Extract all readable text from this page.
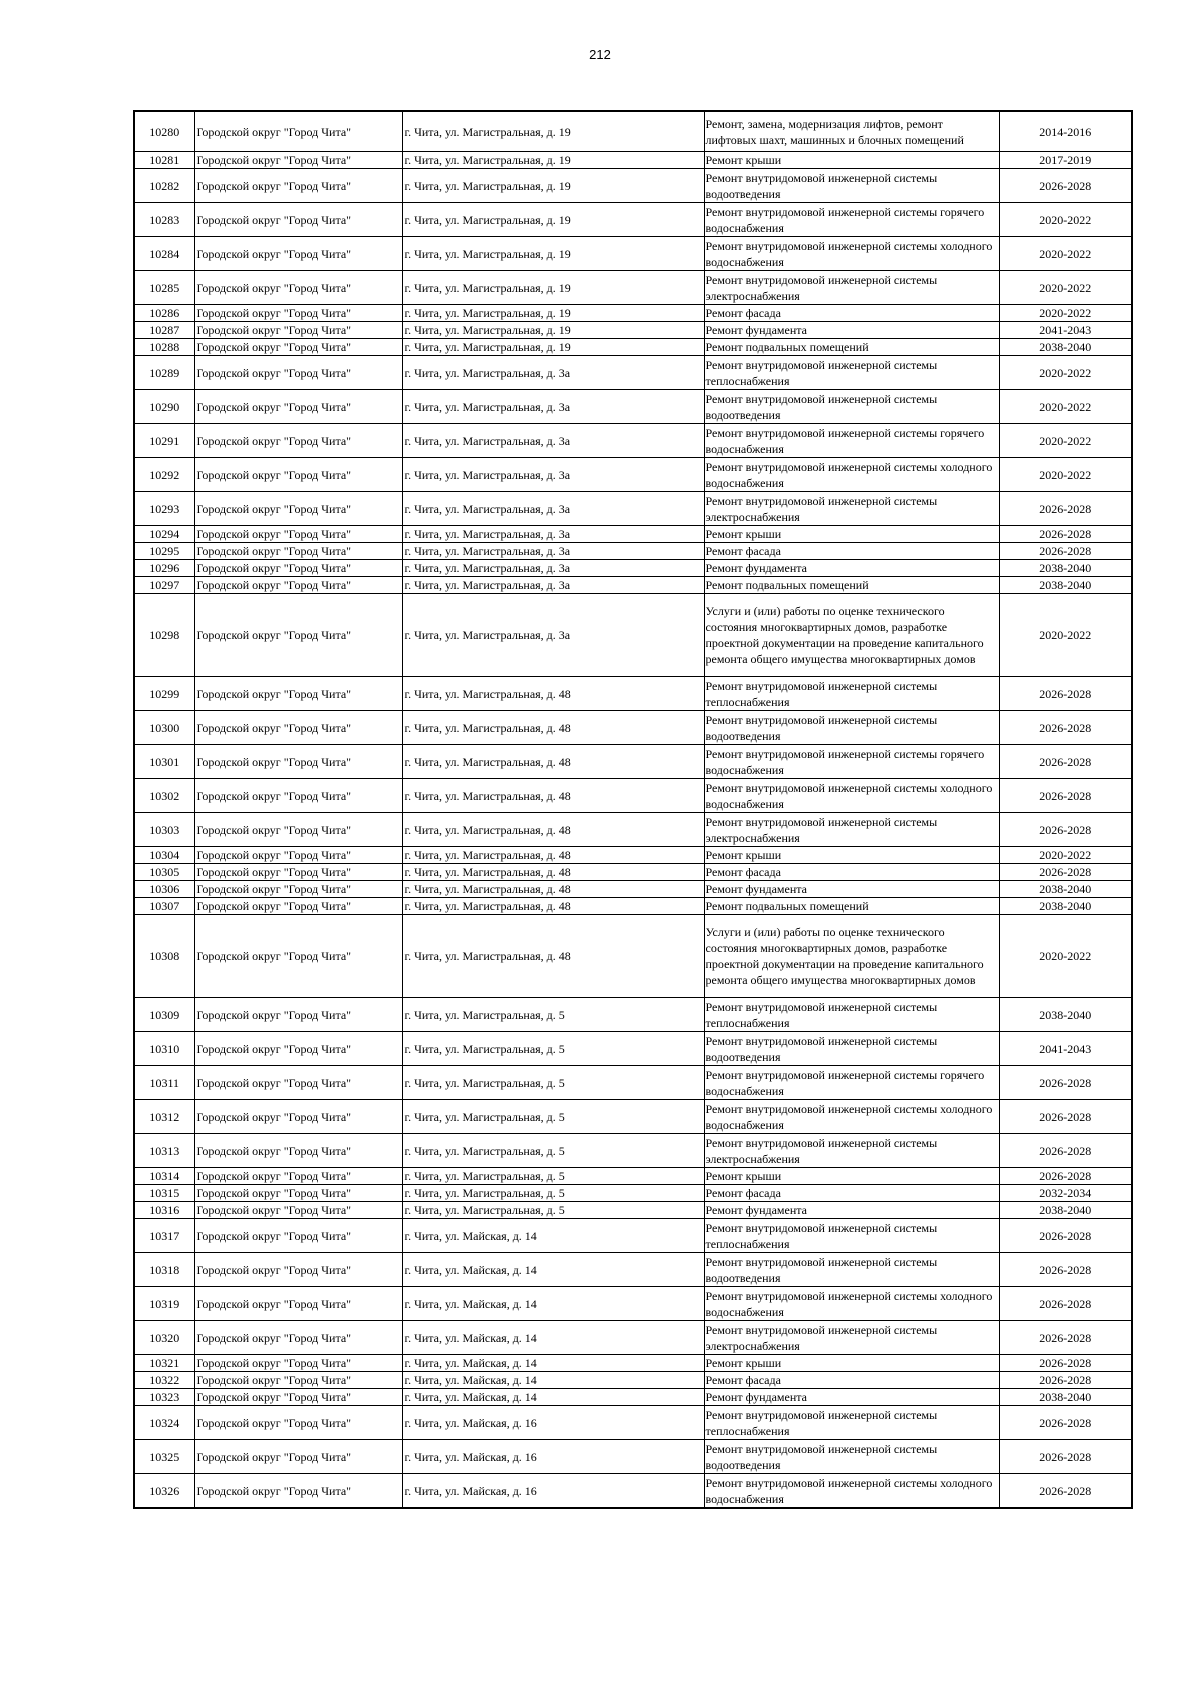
212
10280	Городской округ "Город Чита"	г. Чита, ул. Магистральная, д. 19	Ремонт, замена, модернизация лифтов, ремонт лифтовых шахт, машинных и блочных помещений	2014-2016
10281	Городской округ "Город Чита"	г. Чита, ул. Магистральная, д. 19	Ремонт крыши	2017-2019
10282	Городской округ "Город Чита"	г. Чита, ул. Магистральная, д. 19	Ремонт внутридомовой инженерной системы водоотведения	2026-2028
10283	Городской округ "Город Чита"	г. Чита, ул. Магистральная, д. 19	Ремонт внутридомовой инженерной системы горячего водоснабжения	2020-2022
10284	Городской округ "Город Чита"	г. Чита, ул. Магистральная, д. 19	Ремонт внутридомовой инженерной системы холодного водоснабжения	2020-2022
10285	Городской округ "Город Чита"	г. Чита, ул. Магистральная, д. 19	Ремонт внутридомовой инженерной системы электроснабжения	2020-2022
10286	Городской округ "Город Чита"	г. Чита, ул. Магистральная, д. 19	Ремонт фасада	2020-2022
10287	Городской округ "Город Чита"	г. Чита, ул. Магистральная, д. 19	Ремонт фундамента	2041-2043
10288	Городской округ "Город Чита"	г. Чита, ул. Магистральная, д. 19	Ремонт подвальных помещений	2038-2040
10289	Городской округ "Город Чита"	г. Чита, ул. Магистральная, д. 3а	Ремонт внутридомовой инженерной системы теплоснабжения	2020-2022
10290	Городской округ "Город Чита"	г. Чита, ул. Магистральная, д. 3а	Ремонт внутридомовой инженерной системы водоотведения	2020-2022
10291	Городской округ "Город Чита"	г. Чита, ул. Магистральная, д. 3а	Ремонт внутридомовой инженерной системы горячего водоснабжения	2020-2022
10292	Городской округ "Город Чита"	г. Чита, ул. Магистральная, д. 3а	Ремонт внутридомовой инженерной системы холодного водоснабжения	2020-2022
10293	Городской округ "Город Чита"	г. Чита, ул. Магистральная, д. 3а	Ремонт внутридомовой инженерной системы электроснабжения	2026-2028
10294	Городской округ "Город Чита"	г. Чита, ул. Магистральная, д. 3а	Ремонт крыши	2026-2028
10295	Городской округ "Город Чита"	г. Чита, ул. Магистральная, д. 3а	Ремонт фасада	2026-2028
10296	Городской округ "Город Чита"	г. Чита, ул. Магистральная, д. 3а	Ремонт фундамента	2038-2040
10297	Городской округ "Город Чита"	г. Чита, ул. Магистральная, д. 3а	Ремонт подвальных помещений	2038-2040
10298	Городской округ "Город Чита"	г. Чита, ул. Магистральная, д. 3а	Услуги и (или) работы по оценке технического состояния многоквартирных домов, разработке проектной документации на проведение капитального ремонта общего имущества многоквартирных домов	2020-2022
10299	Городской округ "Город Чита"	г. Чита, ул. Магистральная, д. 48	Ремонт внутридомовой инженерной системы теплоснабжения	2026-2028
10300	Городской округ "Город Чита"	г. Чита, ул. Магистральная, д. 48	Ремонт внутридомовой инженерной системы водоотведения	2026-2028
10301	Городской округ "Город Чита"	г. Чита, ул. Магистральная, д. 48	Ремонт внутридомовой инженерной системы горячего водоснабжения	2026-2028
10302	Городской округ "Город Чита"	г. Чита, ул. Магистральная, д. 48	Ремонт внутридомовой инженерной системы холодного водоснабжения	2026-2028
10303	Городской округ "Город Чита"	г. Чита, ул. Магистральная, д. 48	Ремонт внутридомовой инженерной системы электроснабжения	2026-2028
10304	Городской округ "Город Чита"	г. Чита, ул. Магистральная, д. 48	Ремонт крыши	2020-2022
10305	Городской округ "Город Чита"	г. Чита, ул. Магистральная, д. 48	Ремонт фасада	2026-2028
10306	Городской округ "Город Чита"	г. Чита, ул. Магистральная, д. 48	Ремонт фундамента	2038-2040
10307	Городской округ "Город Чита"	г. Чита, ул. Магистральная, д. 48	Ремонт подвальных помещений	2038-2040
10308	Городской округ "Город Чита"	г. Чита, ул. Магистральная, д. 48	Услуги и (или) работы по оценке технического состояния многоквартирных домов, разработке проектной документации на проведение капитального ремонта общего имущества многоквартирных домов	2020-2022
10309	Городской округ "Город Чита"	г. Чита, ул. Магистральная, д. 5	Ремонт внутридомовой инженерной системы теплоснабжения	2038-2040
10310	Городской округ "Город Чита"	г. Чита, ул. Магистральная, д. 5	Ремонт внутридомовой инженерной системы водоотведения	2041-2043
10311	Городской округ "Город Чита"	г. Чита, ул. Магистральная, д. 5	Ремонт внутридомовой инженерной системы горячего водоснабжения	2026-2028
10312	Городской округ "Город Чита"	г. Чита, ул. Магистральная, д. 5	Ремонт внутридомовой инженерной системы холодного водоснабжения	2026-2028
10313	Городской округ "Город Чита"	г. Чита, ул. Магистральная, д. 5	Ремонт внутридомовой инженерной системы электроснабжения	2026-2028
10314	Городской округ "Город Чита"	г. Чита, ул. Магистральная, д. 5	Ремонт крыши	2026-2028
10315	Городской округ "Город Чита"	г. Чита, ул. Магистральная, д. 5	Ремонт фасада	2032-2034
10316	Городской округ "Город Чита"	г. Чита, ул. Магистральная, д. 5	Ремонт фундамента	2038-2040
10317	Городской округ "Город Чита"	г. Чита, ул. Майская, д. 14	Ремонт внутридомовой инженерной системы теплоснабжения	2026-2028
10318	Городской округ "Город Чита"	г. Чита, ул. Майская, д. 14	Ремонт внутридомовой инженерной системы водоотведения	2026-2028
10319	Городской округ "Город Чита"	г. Чита, ул. Майская, д. 14	Ремонт внутридомовой инженерной системы холодного водоснабжения	2026-2028
10320	Городской округ "Город Чита"	г. Чита, ул. Майская, д. 14	Ремонт внутридомовой инженерной системы электроснабжения	2026-2028
10321	Городской округ "Город Чита"	г. Чита, ул. Майская, д. 14	Ремонт крыши	2026-2028
10322	Городской округ "Город Чита"	г. Чита, ул. Майская, д. 14	Ремонт фасада	2026-2028
10323	Городской округ "Город Чита"	г. Чита, ул. Майская, д. 14	Ремонт фундамента	2038-2040
10324	Городской округ "Город Чита"	г. Чита, ул. Майская, д. 16	Ремонт внутридомовой инженерной системы теплоснабжения	2026-2028
10325	Городской округ "Город Чита"	г. Чита, ул. Майская, д. 16	Ремонт внутридомовой инженерной системы водоотведения	2026-2028
10326	Городской округ "Город Чита"	г. Чита, ул. Майская, д. 16	Ремонт внутридомовой инженерной системы холодного водоснабжения	2026-2028
